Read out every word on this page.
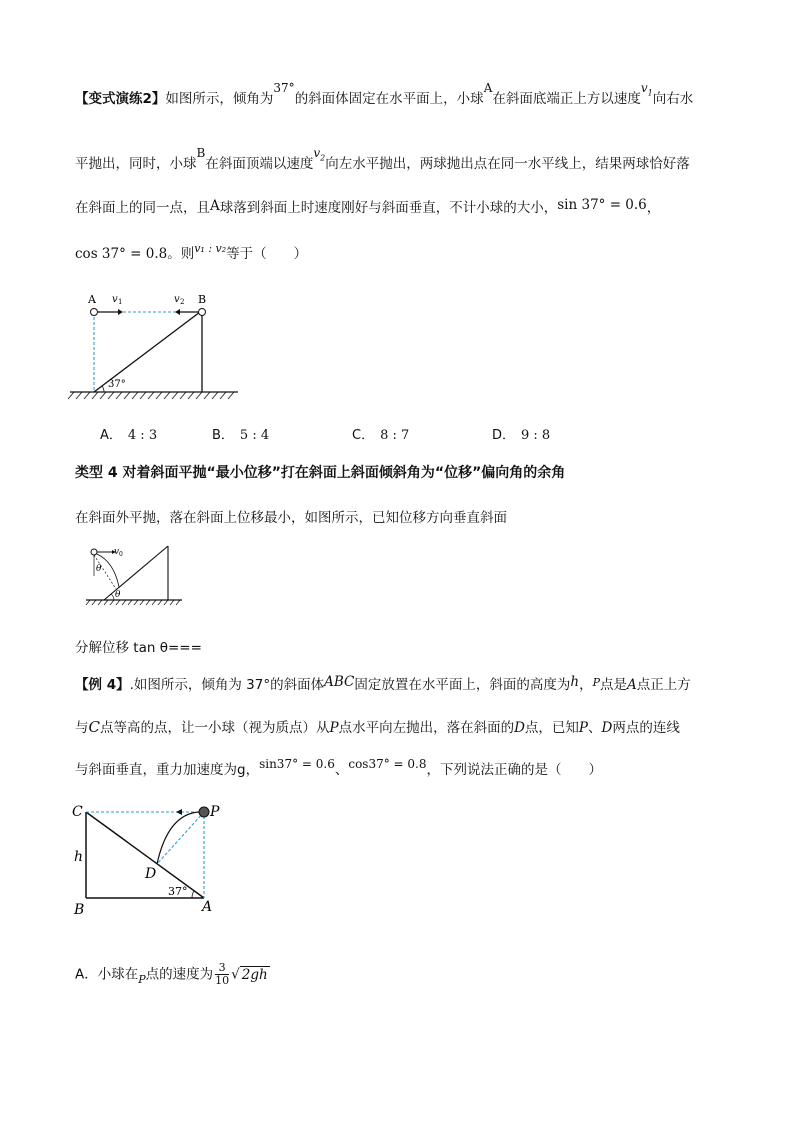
【变式演练2】如图所示，倾角为37°的斜面体固定在水平面上，小球A在斜面底端正上方以速度$v_1$向右水
平抛出，同时，小球B在斜面顶端以速度$v_2$向左水平抛出，两球抛出点在同一水平线上，结果两球恰好落
在斜面上的同一点，且A球落到斜面上时速度刚好与斜面垂直，不计小球的大小，sin 37° = 0.6，
cos 37° = 0.8。则$^{v_1 : v_2}$等于（　　）
A	B
v 1	v 2
37°
A． 4 : 3	B． 5 : 4	C． 8 : 7	D． 9 : 8
类型 4 对着斜面平抛“最小位移”打在斜面上斜面倾斜角为“位移”偏向角的余角
在斜面外平抛，落在斜面上位移最小，如图所示，已知位移方向垂直斜面
v 0
θ
θ
分解位移 tan θ===
【例 4】.如图所示，倾角为 37°的斜面体ABC固定放置在水平面上，斜面的高度为h，$^P$点是A点正上方
与C点等高的点，让一小球（视为质点）从P点水平向左抛出，落在斜面的D点，已知P、D两点的连线
与斜面垂直，重力加速度为g，sin37° = 0.6、cos37° = 0.8，下列说法正确的是（　　）
C	P
h
D
B	A
37°
A．小球在$_P$点的速度为 $\frac{3}{10}$ √ 2gh
